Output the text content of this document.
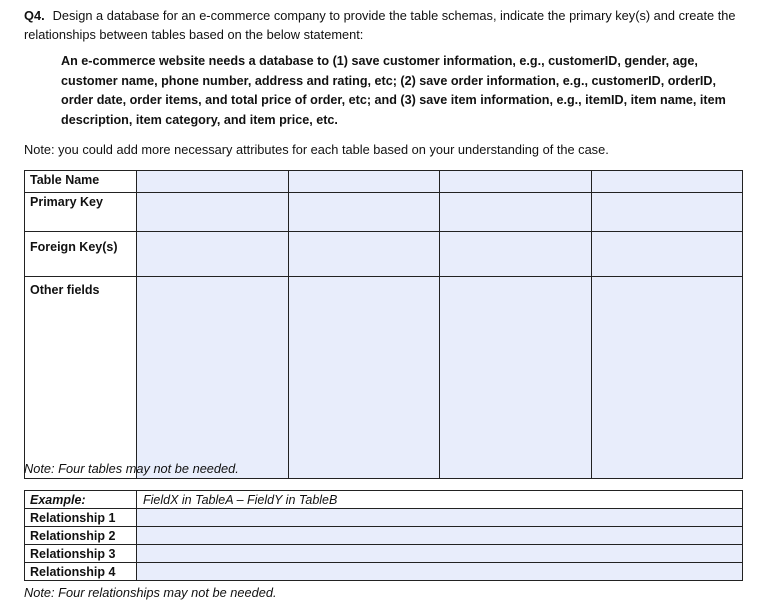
Q4. Design a database for an e-commerce company to provide the table schemas, indicate the primary key(s) and create the relationships between tables based on the below statement:
An e-commerce website needs a database to (1) save customer information, e.g., customerID, gender, age, customer name, phone number, address and rating, etc; (2) save order information, e.g., customerID, orderID, order date, order items, and total price of order, etc; and (3) save item information, e.g., itemID, item name, item description, item category, and item price, etc.
Note: you could add more necessary attributes for each table based on your understanding of the case.
Table Name				
Primary Key				
Foreign Key(s)				
Other fields				
Note: Four tables may not be needed.
Example:	FieldX in TableA – FieldY in TableB
Relationship 1	
Relationship 2	
Relationship 3	
Relationship 4	
Note: Four relationships may not be needed.
